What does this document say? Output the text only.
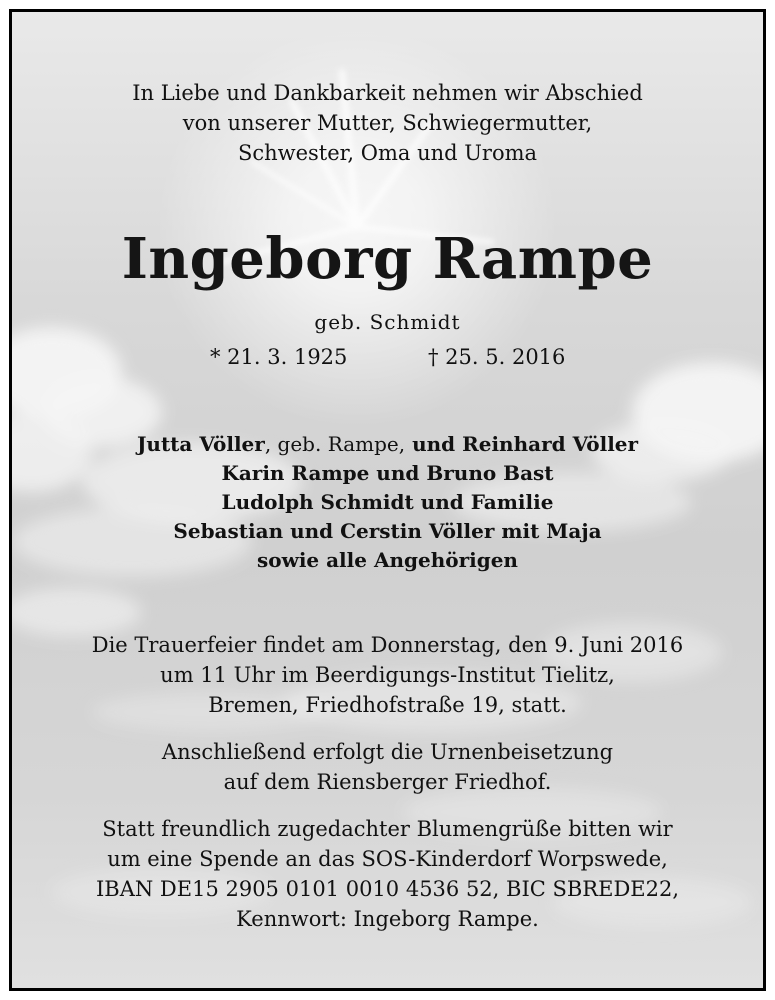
In Liebe und Dankbarkeit nehmen wir Abschied
von unserer Mutter, Schwiegermutter,
Schwester, Oma und Uroma
Ingeborg Rampe
geb. Schmidt
* 21. 3. 1925	† 25. 5. 2016
Jutta Völler, geb. Rampe, und Reinhard Völler
Karin Rampe und Bruno Bast
Ludolph Schmidt und Familie
Sebastian und Cerstin Völler mit Maja
sowie alle Angehörigen
Die Trauerfeier findet am Donnerstag, den 9. Juni 2016
um 11 Uhr im Beerdigungs-Institut Tielitz,
Bremen, Friedhofstraße 19, statt.
Anschließend erfolgt die Urnenbeisetzung
auf dem Riensberger Friedhof.
Statt freundlich zugedachter Blumengrüße bitten wir
um eine Spende an das SOS-Kinderdorf Worpswede,
IBAN DE15 2905 0101 0010 4536 52, BIC SBREDE22,
Kennwort: Ingeborg Rampe.
